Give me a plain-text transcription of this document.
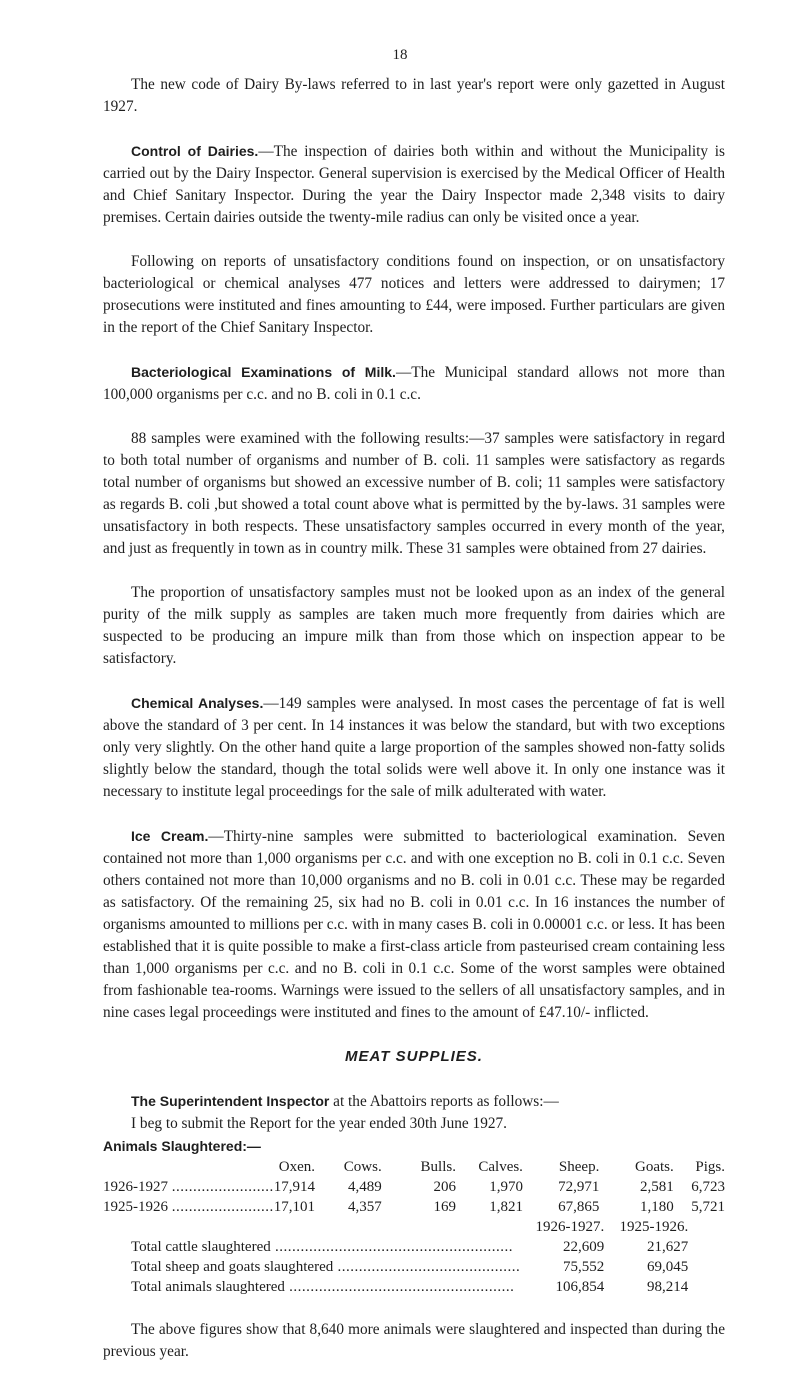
18

The new code of Dairy By-laws referred to in last year's report were only gazetted in August 1927.

Control of Dairies.—The inspection of dairies both within and without the Municipality is carried out by the Dairy Inspector. General supervision is exercised by the Medical Officer of Health and Chief Sanitary Inspector. During the year the Dairy Inspector made 2,348 visits to dairy premises. Certain dairies outside the twenty-mile radius can only be visited once a year.

Following on reports of unsatisfactory conditions found on inspection, or on unsatisfactory bacteriological or chemical analyses 477 notices and letters were addressed to dairymen; 17 prosecutions were instituted and fines amounting to £44, were imposed. Further particulars are given in the report of the Chief Sanitary Inspector.

Bacteriological Examinations of Milk.—The Municipal standard allows not more than 100,000 organisms per c.c. and no B. coli in 0.1 c.c.

88 samples were examined with the following results:—37 samples were satisfactory in regard to both total number of organisms and number of B. coli. 11 samples were satisfactory as regards total number of organisms but showed an excessive number of B. coli; 11 samples were satisfactory as regards B. coli ,but showed a total count above what is permitted by the by-laws. 31 samples were unsatisfactory in both respects. These unsatisfactory samples occurred in every month of the year, and just as frequently in town as in country milk. These 31 samples were obtained from 27 dairies.

The proportion of unsatisfactory samples must not be looked upon as an index of the general purity of the milk supply as samples are taken much more frequently from dairies which are suspected to be producing an impure milk than from those which on inspection appear to be satisfactory.

Chemical Analyses.—149 samples were analysed. In most cases the percentage of fat is well above the standard of 3 per cent. In 14 instances it was below the standard, but with two exceptions only very slightly. On the other hand quite a large proportion of the samples showed non-fatty solids slightly below the standard, though the total solids were well above it. In only one instance was it necessary to institute legal proceedings for the sale of milk adulterated with water.

Ice Cream.—Thirty-nine samples were submitted to bacteriological examination. Seven contained not more than 1,000 organisms per c.c. and with one exception no B. coli in 0.1 c.c. Seven others contained not more than 10,000 organisms and no B. coli in 0.01 c.c. These may be regarded as satisfactory. Of the remaining 25, six had no B. coli in 0.01 c.c. In 16 instances the number of organisms amounted to millions per c.c. with in many cases B. coli in 0.00001 c.c. or less. It has been established that it is quite possible to make a first-class article from pasteurised cream containing less than 1,000 organisms per c.c. and no B. coli in 0.1 c.c. Some of the worst samples were obtained from fashionable tea-rooms. Warnings were issued to the sellers of all unsatisfactory samples, and in nine cases legal proceedings were instituted and fines to the amount of £47.10/- inflicted.

MEAT SUPPLIES.

The Superintendent Inspector at the Abattoirs reports as follows:—

I beg to submit the Report for the year ended 30th June 1927.
Animals Slaughtered:—
	Oxen.	Cows.	Bulls.	Calves.	Sheep.	Goats.	Pigs.
1926-1927 ........................	17,914	4,489	206	1,970	72,971	2,581	6,723
1925-1926 ........................	17,101	4,357	169	1,821	67,865	1,180	5,721
	1926-1927.	1925-1926.
Total cattle slaughtered ........................................................	22,609	21,627
Total sheep and goats slaughtered ...........................................	75,552	69,045
Total animals slaughtered .....................................................	106,854	98,214

The above figures show that 8,640 more animals were slaughtered and inspected than during the previous year.
